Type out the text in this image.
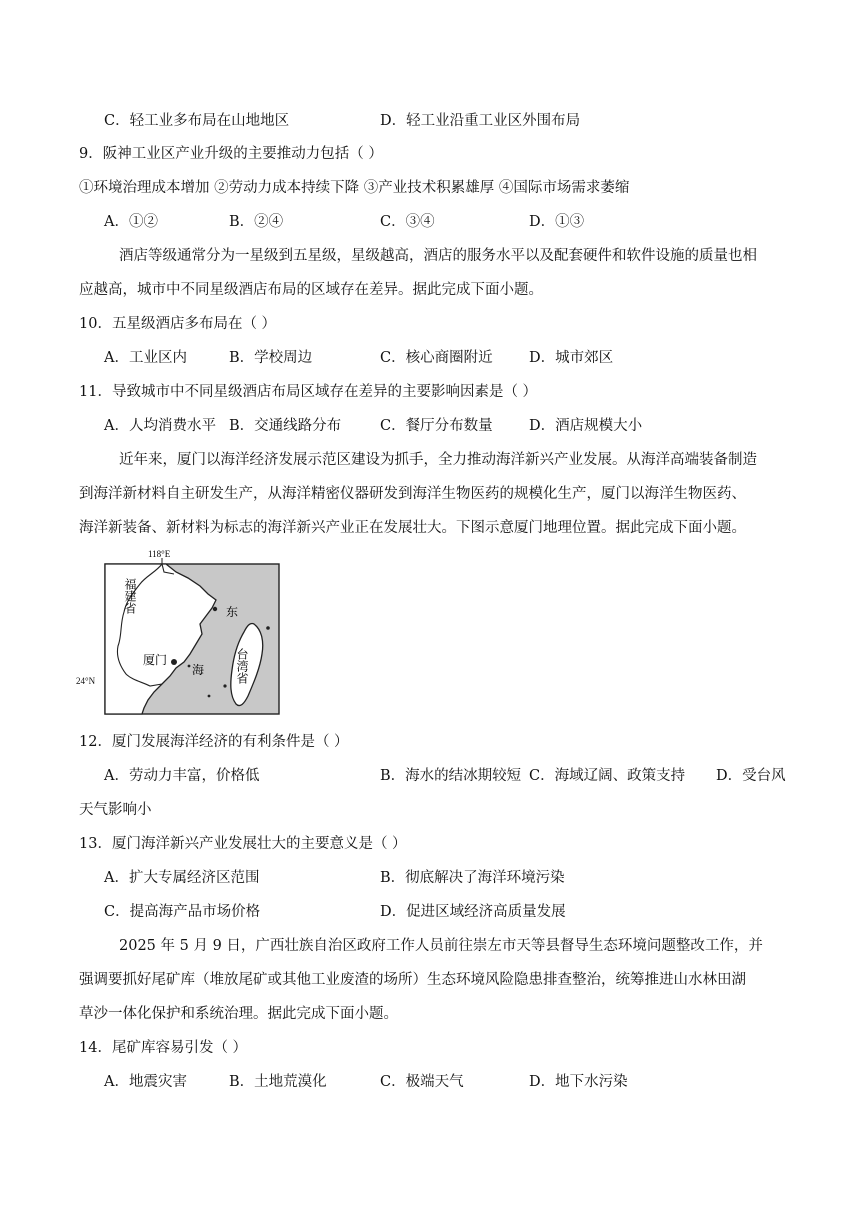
C．轻工业多布局在山地地区	D．轻工业沿重工业区外围布局
9．阪神工业区产业升级的主要推动力包括（ ）
①环境治理成本增加 ②劳动力成本持续下降 ③产业技术积累雄厚 ④国际市场需求萎缩
A．①②	B．②④	C．③④	D．①③
酒店等级通常分为一星级到五星级，星级越高，酒店的服务水平以及配套硬件和软件设施的质量也相
应越高，城市中不同星级酒店布局的区域存在差异。据此完成下面小题。
10．五星级酒店多布局在（ ）
A．工业区内	B．学校周边	C．核心商圈附近	D．城市郊区
11．导致城市中不同星级酒店布局区域存在差异的主要影响因素是（ ）
A．人均消费水平 B．交通线路分布	C．餐厅分布数量	D．酒店规模大小
近年来，厦门以海洋经济发展示范区建设为抓手，全力推动海洋新兴产业发展。从海洋高端装备制造
到海洋新材料自主研发生产，从海洋精密仪器研发到海洋生物医药的规模化生产，厦门以海洋生物医药、
海洋新装备、新材料为标志的海洋新兴产业正在发展壮大。下图示意厦门地理位置。据此完成下面小题。
118°E
福建省
厦门
东
海	台湾省
24°N
12．厦门发展海洋经济的有利条件是（ ）
A．劳动力丰富，价格低	B．海水的结冰期较短 C．海域辽阔、政策支持 D．受台风
天气影响小
13．厦门海洋新兴产业发展壮大的主要意义是（ ）
A．扩大专属经济区范围	B．彻底解决了海洋环境污染
C．提高海产品市场价格	D．促进区域经济高质量发展
2025 年 5 月 9 日，广西壮族自治区政府工作人员前往崇左市天等县督导生态环境问题整改工作，并
强调要抓好尾矿库（堆放尾矿或其他工业废渣的场所）生态环境风险隐患排查整治，统筹推进山水林田湖
草沙一体化保护和系统治理。据此完成下面小题。
14．尾矿库容易引发（ ）
A．地震灾害	B．土地荒漠化	C．极端天气	D．地下水污染
